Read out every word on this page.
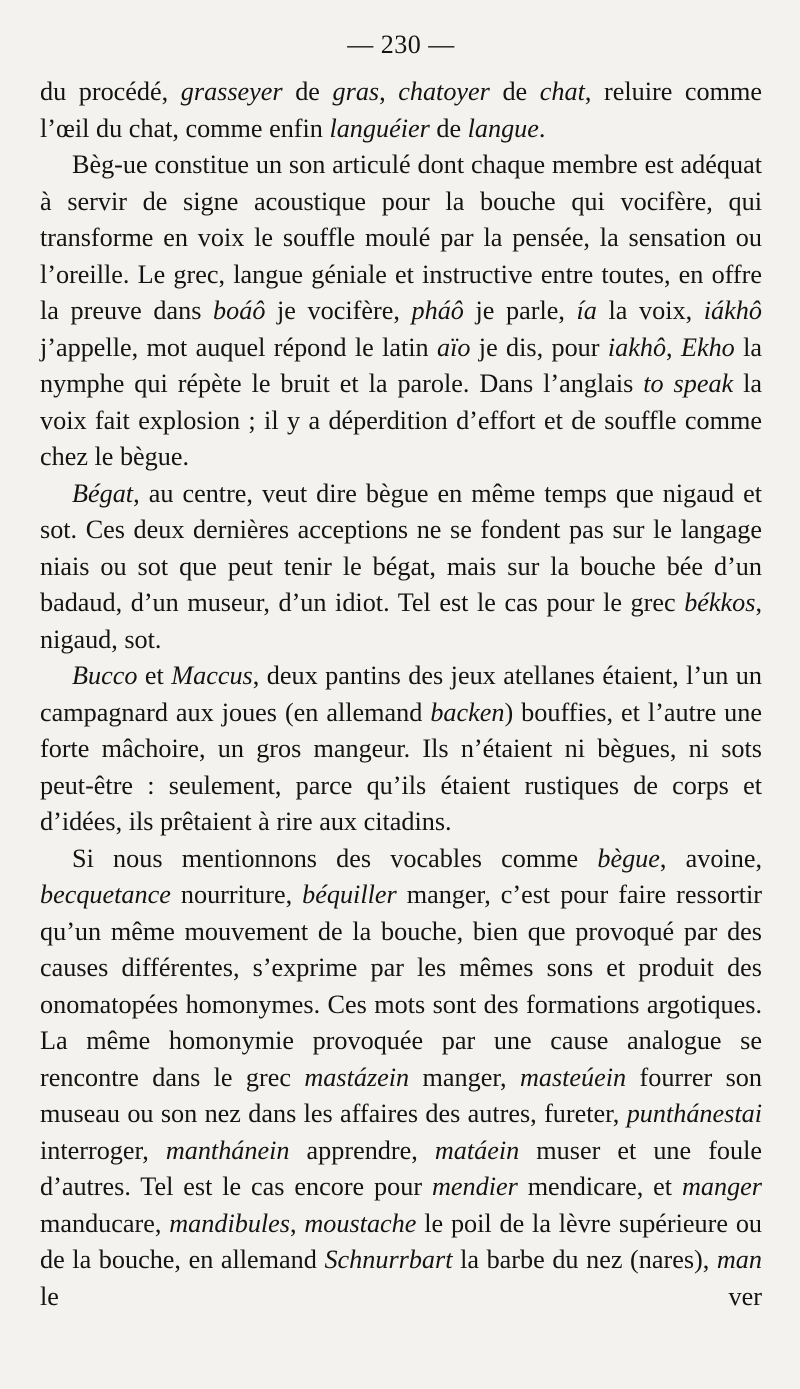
— 230 —

du procédé, grasseyer de gras, chatoyer de chat, reluire comme l’œil du chat, comme enfin languéier de langue.

Bèg-ue constitue un son articulé dont chaque membre est adéquat à servir de signe acoustique pour la bouche qui vocifère, qui transforme en voix le souffle moulé par la pensée, la sensation ou l’oreille. Le grec, langue géniale et instructive entre toutes, en offre la preuve dans boáô je vocifère, pháô je parle, ía la voix, iákhô j’appelle, mot auquel répond le latin aïo je dis, pour iakhô, Ekho la nymphe qui répète le bruit et la parole. Dans l’anglais to speak la voix fait explosion ; il y a déperdition d’effort et de souffle comme chez le bègue.

Bégat, au centre, veut dire bègue en même temps que nigaud et sot. Ces deux dernières acceptions ne se fondent pas sur le langage niais ou sot que peut tenir le bégat, mais sur la bouche bée d’un badaud, d’un museur, d’un idiot. Tel est le cas pour le grec békkos, nigaud, sot.

Bucco et Maccus, deux pantins des jeux atellanes étaient, l’un un campagnard aux joues (en allemand backen) bouffies, et l’autre une forte mâchoire, un gros mangeur. Ils n’étaient ni bègues, ni sots peut-être : seulement, parce qu’ils étaient rustiques de corps et d’idées, ils prêtaient à rire aux citadins.

Si nous mentionnons des vocables comme bègue, avoine, becquetance nourriture, béquiller manger, c’est pour faire ressortir qu’un même mouvement de la bouche, bien que provoqué par des causes différentes, s’exprime par les mêmes sons et produit des onomatopées homonymes. Ces mots sont des formations argotiques. La même homonymie provoquée par une cause analogue se rencontre dans le grec mastázein manger, masteúein fourrer son museau ou son nez dans les affaires des autres, fureter, punthánestai interroger, manthánein apprendre, matáein muser et une foule d’autres. Tel est le cas encore pour mendier mendicare, et manger manducare, mandibules, moustache le poil de la lèvre supérieure ou de la bouche, en allemand Schnurrbart la barbe du nez (nares), man le ver
